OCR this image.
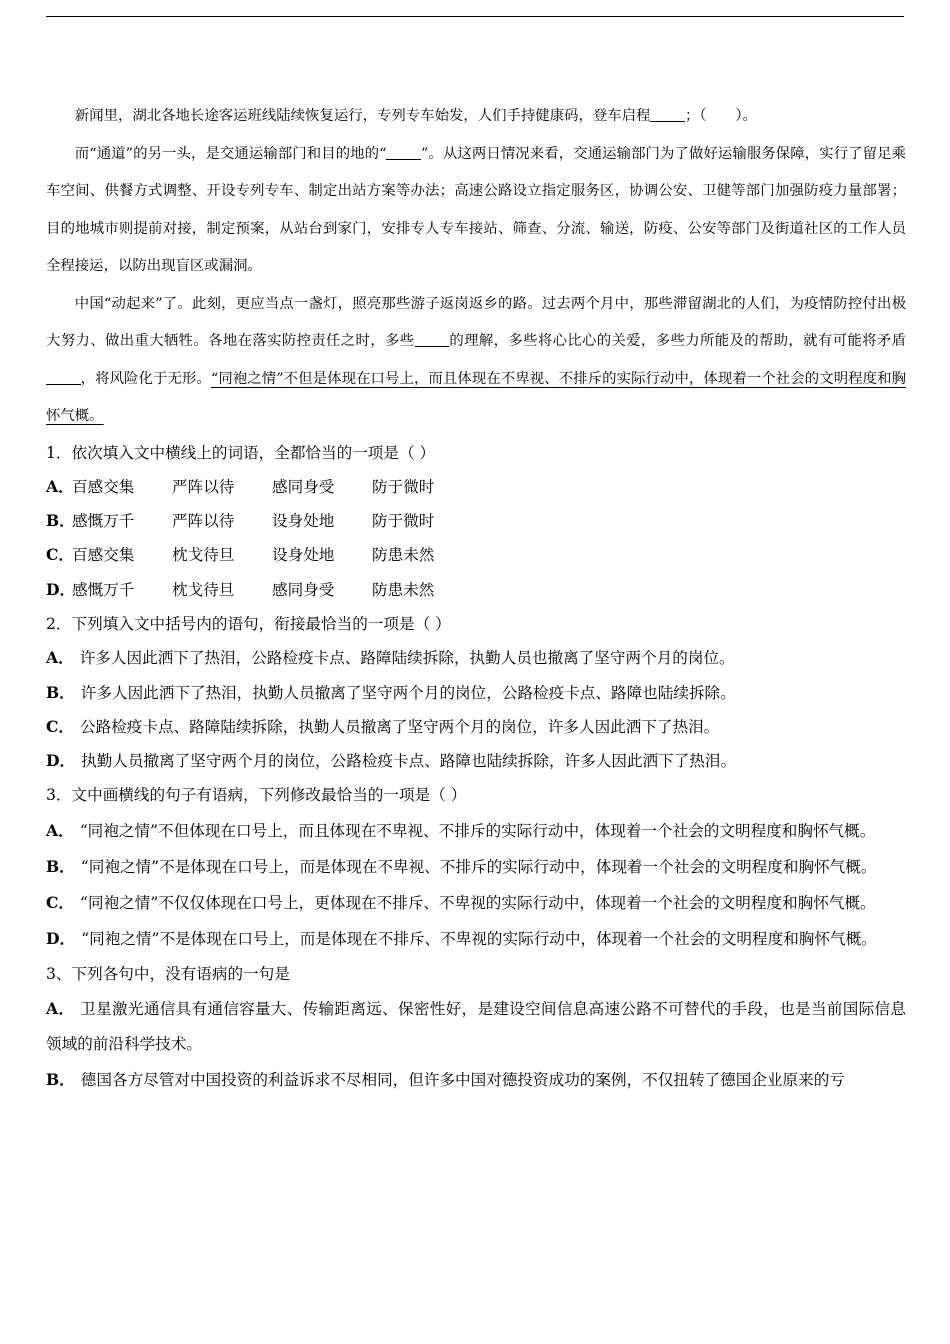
新闻里，湖北各地长途客运班线陆续恢复运行，专列专车始发，人们手持健康码，登车启程 ；（　　）。

而“通道”的另一头，是交通运输部门和目的地的“ ”。从这两日情况来看，交通运输部门为了做好运输服务保障，实行了留足乘车空间、供餐方式调整、开设专列专车、制定出站方案等办法；高速公路设立指定服务区，协调公安、卫健等部门加强防疫力量部署；目的地城市则提前对接，制定预案，从站台到家门，安排专人专车接站、筛查、分流、输送，防疫、公安等部门及街道社区的工作人员全程接运，以防出现盲区或漏洞。

中国“动起来”了。此刻，更应当点一盏灯，照亮那些游子返岗返乡的路。过去两个月中，那些滞留湖北的人们，为疫情防控付出极大努力、做出重大牺牲。各地在落实防控责任之时，多些 的理解，多些将心比心的关爱，多些力所能及的帮助，就有可能将矛盾，将风险化于无形。“同袍之情”不但是体现在口号上，而且体现在不卑视、不排斥的实际行动中，体现着一个社会的文明程度和胸怀气概。

1．依次填入文中横线上的词语，全都恰当的一项是（ ）

A．百感交集 严阵以待 感同身受 防于微时

B．感慨万千 严阵以待 设身处地 防于微时

C．百感交集 枕戈待旦 设身处地 防患未然

D．感慨万千 枕戈待旦 感同身受 防患未然

2．下列填入文中括号内的语句，衔接最恰当的一项是（ ）

A． 许多人因此洒下了热泪，公路检疫卡点、路障陆续拆除，执勤人员也撤离了坚守两个月的岗位。

B． 许多人因此洒下了热泪，执勤人员撤离了坚守两个月的岗位，公路检疫卡点、路障也陆续拆除。

C． 公路检疫卡点、路障陆续拆除，执勤人员撤离了坚守两个月的岗位，许多人因此洒下了热泪。

D． 执勤人员撤离了坚守两个月的岗位，公路检疫卡点、路障也陆续拆除，许多人因此洒下了热泪。

3．文中画横线的句子有语病，下列修改最恰当的一项是（ ）

A． “同袍之情”不但体现在口号上，而且体现在不卑视、不排斥的实际行动中，体现着一个社会的文明程度和胸怀气概。

B． “同袍之情”不是体现在口号上，而是体现在不卑视、不排斥的实际行动中，体现着一个社会的文明程度和胸怀气概。

C． “同袍之情”不仅仅体现在口号上，更体现在不排斥、不卑视的实际行动中，体现着一个社会的文明程度和胸怀气概。

D． “同袍之情”不是体现在口号上，而是体现在不排斥、不卑视的实际行动中，体现着一个社会的文明程度和胸怀气概。

3、下列各句中，没有语病的一句是

A． 卫星激光通信具有通信容量大、传输距离远、保密性好，是建设空间信息高速公路不可替代的手段，也是当前国际信息领域的前沿科学技术。

B． 德国各方尽管对中国投资的利益诉求不尽相同，但许多中国对德投资成功的案例，不仅扭转了德国企业原来的亏
